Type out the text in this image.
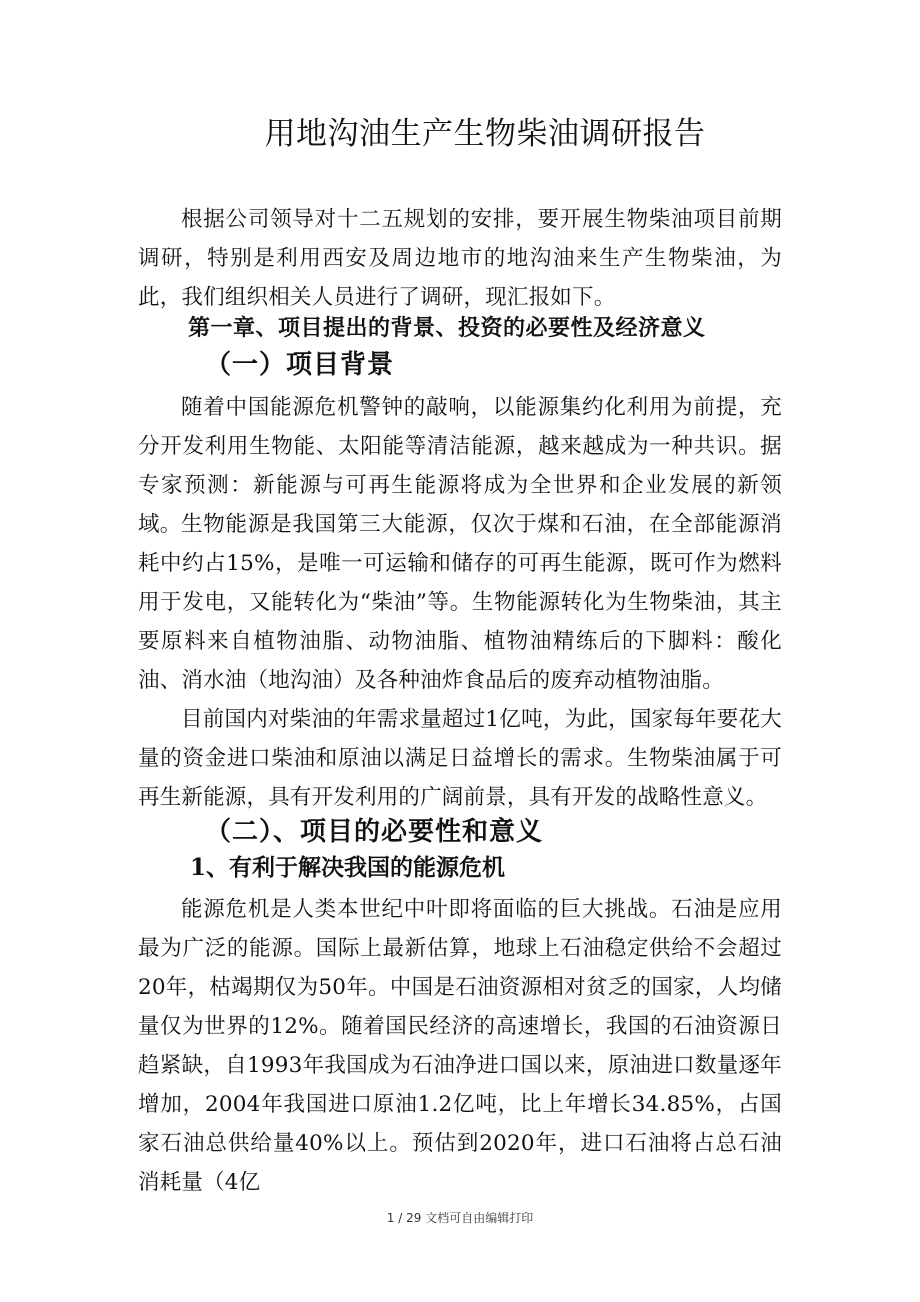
用地沟油生产生物柴油调研报告

根据公司领导对十二五规划的安排，要开展生物柴油项目前期调研，特别是利用西安及周边地市的地沟油来生产生物柴油，为此，我们组织相关人员进行了调研，现汇报如下。

第一章、项目提出的背景、投资的必要性及经济意义
（一）项目背景

随着中国能源危机警钟的敲响，以能源集约化利用为前提，充分开发利用生物能、太阳能等清洁能源，越来越成为一种共识。据专家预测：新能源与可再生能源将成为全世界和企业发展的新领域。 生物能源是我国第三大能源，仅次于煤和石油，在全部能源消耗中约占15%，是唯一可运输和储存的可再生能源，既可作为燃料用于发电，又能转化为“柴油”等。生物能源转化为生物柴油，其主要原料来自植物油脂、动物油脂、植物油精练后的下脚料：酸化油、消水油（地沟油）及各种油炸食品后的废弃动植物油脂。

目前国内对柴油的年需求量超过1亿吨，为此，国家每年要花大量的资金进口柴油和原油以满足日益增长的需求。生物柴油属于可再生新能源，具有开发利用的广阔前景，具有开发的战略性意义。

（二）、项目的必要性和意义
1、有利于解决我国的能源危机

能源危机是人类本世纪中叶即将面临的巨大挑战。石油是应用最为广泛的能源。国际上最新估算，地球上石油稳定供给不会超过20年，枯竭期仅为50年。中国是石油资源相对贫乏的国家，人均储量仅为世界的12%。随着国民经济的高速增长，我国的石油资源日趋紧缺，自1993年我国成为石油净进口国以来，原油进口数量逐年增加，2004年我国进口原油1.2亿吨，比上年增长34.85%，占国家石油总供给量40%以上。预估到2020年，进口石油将占总石油消耗量（4亿

1 / 29 文档可自由编辑打印
